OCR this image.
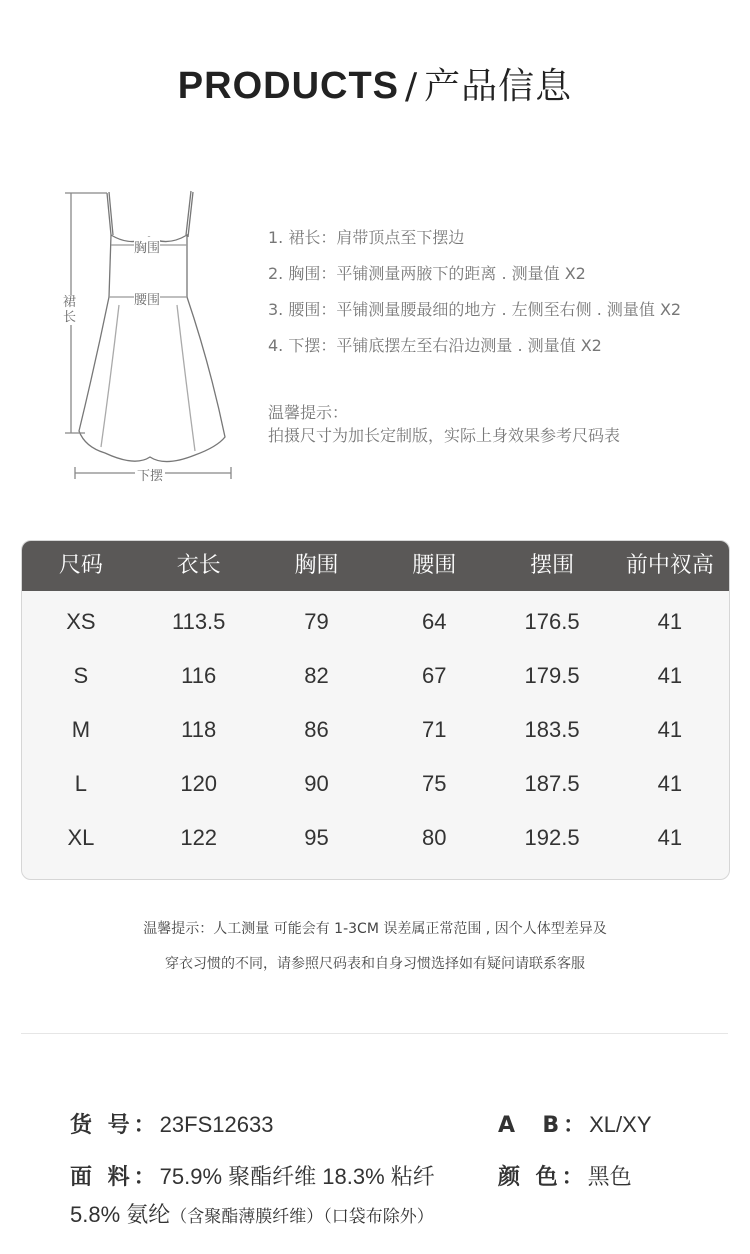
PRODUCTS / 产品信息
胸围
腰围
裙长
下摆
1. 裙长：肩带顶点至下摆边
2. 胸围：平铺测量两腋下的距离 . 测量值 X2
3. 腰围：平铺测量腰最细的地方 . 左侧至右侧 . 测量值 X2
4. 下摆：平铺底摆左至右沿边测量 . 测量值 X2
温馨提示：
拍摄尺寸为加长定制版，实际上身效果参考尺码表
尺码	衣长	胸围	腰围	摆围	前中衩高
XS	113.5	79	64	176.5	41
S	116	82	67	179.5	41
M	118	86	71	183.5	41
L	120	90	75	187.5	41
XL	122	95	80	192.5	41
温馨提示：人工测量 可能会有 1-3CM 误差属正常范围 , 因个人体型差异及
穿衣习惯的不同，请参照尺码表和自身习惯选择如有疑问请联系客服
货 号：23FS12633	A  B：XL/XY
面 料：75.9% 聚酯纤维 18.3% 粘纤	颜 色：黑色
5.8% 氨纶（含聚酯薄膜纤维）（口袋布除外）
